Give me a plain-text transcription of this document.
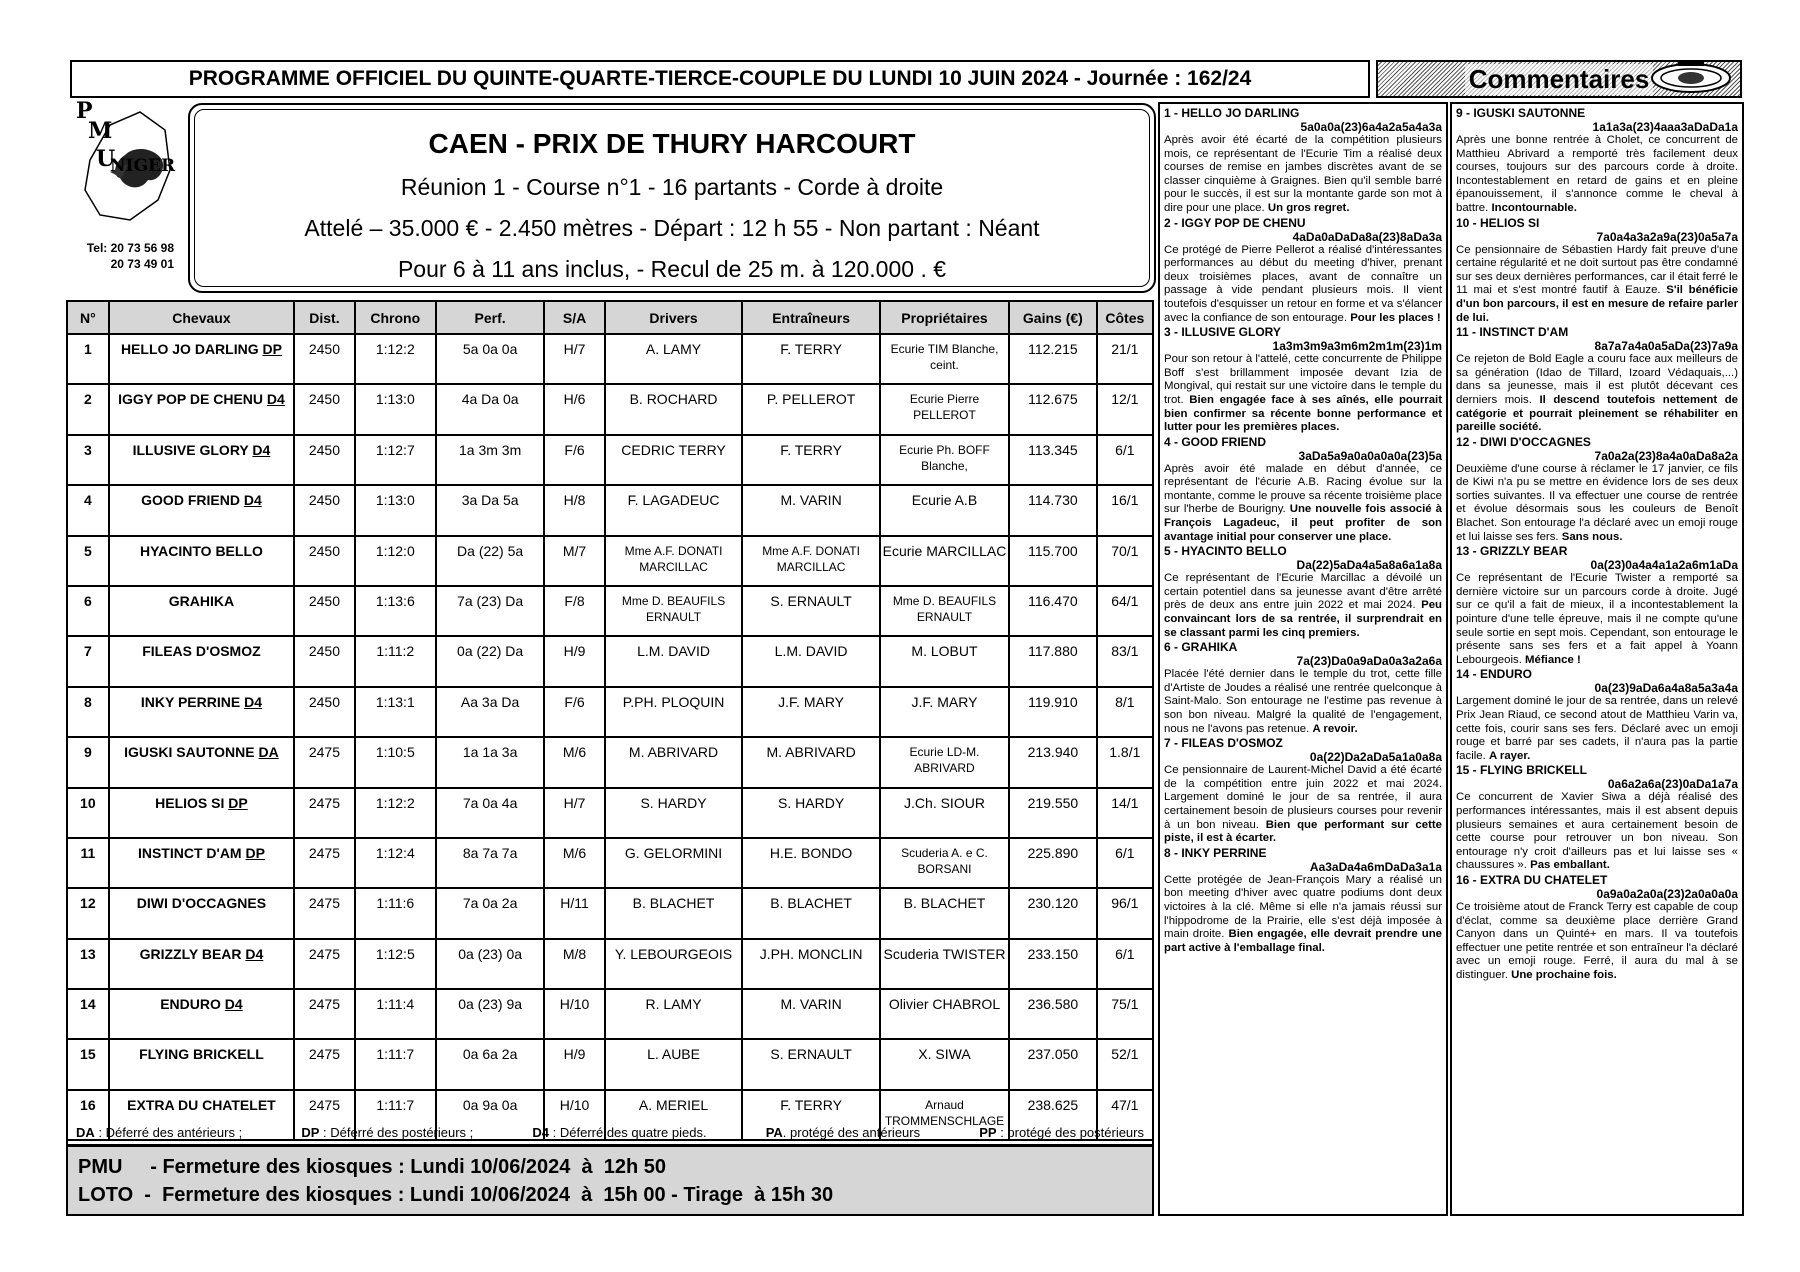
PROGRAMME OFFICIEL DU QUINTE-QUARTE-TIERCE-COUPLE DU LUNDI 10 JUIN 2024 - Journée : 162/24	Commentaires
P
M
U
NIGER
Tel: 20 73 56 98
20 73 49 01
CAEN - PRIX DE THURY HARCOURT
Réunion 1 - Course n°1 - 16 partants - Corde à droite
Attelé – 35.000 € - 2.450 mètres - Départ : 12 h 55 - Non partant : Néant
Pour 6 à 11 ans inclus, - Recul de 25 m. à 120.000 . €
N°	Chevaux	Dist.	Chrono	Perf.	S/A	Drivers	Entraîneurs	Propriétaires	Gains (€)	Côtes
1	HELLO JO DARLING DP	2450	1:12:2	5a 0a 0a	H/7	A. LAMY	F. TERRY	Ecurie TIM Blanche, ceint.	112.215	21/1
2	IGGY POP DE CHENU D4	2450	1:13:0	4a Da 0a	H/6	B. ROCHARD	P. PELLEROT	Ecurie Pierre PELLEROT	112.675	12/1
3	ILLUSIVE GLORY D4	2450	1:12:7	1a 3m 3m	F/6	CEDRIC TERRY	F. TERRY	Ecurie Ph. BOFF Blanche,	113.345	6/1
4	GOOD FRIEND D4	2450	1:13:0	3a Da 5a	H/8	F. LAGADEUC	M. VARIN	Ecurie A.B	114.730	16/1
5	HYACINTO BELLO	2450	1:12:0	Da (22) 5a	M/7	Mme A.F. DONATI MARCILLAC	Mme A.F. DONATI MARCILLAC	Ecurie MARCILLAC	115.700	70/1
6	GRAHIKA	2450	1:13:6	7a (23) Da	F/8	Mme D. BEAUFILS ERNAULT	S. ERNAULT	Mme D. BEAUFILS ERNAULT	116.470	64/1
7	FILEAS D'OSMOZ	2450	1:11:2	0a (22) Da	H/9	L.M. DAVID	L.M. DAVID	M. LOBUT	117.880	83/1
8	INKY PERRINE D4	2450	1:13:1	Aa 3a Da	F/6	P.PH. PLOQUIN	J.F. MARY	J.F. MARY	119.910	8/1
9	IGUSKI SAUTONNE DA	2475	1:10:5	1a 1a 3a	M/6	M. ABRIVARD	M. ABRIVARD	Ecurie LD-M. ABRIVARD	213.940	1.8/1
10	HELIOS SI DP	2475	1:12:2	7a 0a 4a	H/7	S. HARDY	S. HARDY	J.Ch. SIOUR	219.550	14/1
11	INSTINCT D'AM DP	2475	1:12:4	8a 7a 7a	M/6	G. GELORMINI	H.E. BONDO	Scuderia A. e C. BORSANI	225.890	6/1
12	DIWI D'OCCAGNES	2475	1:11:6	7a 0a 2a	H/11	B. BLACHET	B. BLACHET	B. BLACHET	230.120	96/1
13	GRIZZLY BEAR D4	2475	1:12:5	0a (23) 0a	M/8	Y. LEBOURGEOIS	J.PH. MONCLIN	Scuderia TWISTER	233.150	6/1
14	ENDURO D4	2475	1:11:4	0a (23) 9a	H/10	R. LAMY	M. VARIN	Olivier CHABROL	236.580	75/1
15	FLYING BRICKELL	2475	1:11:7	0a 6a 2a	H/9	L. AUBE	S. ERNAULT	X. SIWA	237.050	52/1
16	EXTRA DU CHATELET	2475	1:11:7	0a 9a 0a	H/10	A. MERIEL	F. TERRY	Arnaud TROMMENSCHLAGE	238.625	47/1
DA : Déferré des antérieurs ;	DP : Déferré des postérieurs ;	D4 : Déferré des quatre pieds.	PA. protégé des antérieurs	PP : protégé des postérieurs
PMU     - Fermeture des kiosques : Lundi 10/06/2024  à  12h 50
LOTO  -  Fermeture des kiosques : Lundi 10/06/2024  à  15h 00 - Tirage  à 15h 30
1 - HELLO JO DARLING
5a0a0a(23)6a4a2a5a4a3a
Après avoir été écarté de la compétition plusieurs mois, ce représentant de l'Ecurie Tim a réalisé deux courses de remise en jambes discrètes avant de se classer cinquième à Graignes. Bien qu'il semble barré pour le succès, il est sur la montante garde son mot à dire pour une place. Un gros regret.
2 - IGGY POP DE CHENU
4aDa0aDaDa8a(23)8aDa3a
Ce protégé de Pierre Pellerot a réalisé d'intéressantes performances au début du meeting d'hiver, prenant deux troisièmes places, avant de connaître un passage à vide pendant plusieurs mois. Il vient toutefois d'esquisser un retour en forme et va s'élancer avec la confiance de son entourage. Pour les places !
3 - ILLUSIVE GLORY
1a3m3m9a3m6m2m1m(23)1m
Pour son retour à l'attelé, cette concurrente de Philippe Boff s'est brillamment imposée devant Izia de Mongival, qui restait sur une victoire dans le temple du trot. Bien engagée face à ses aînés, elle pourrait bien confirmer sa récente bonne performance et lutter pour les premières places.
4 - GOOD FRIEND
3aDa5a9a0a0a0a0a(23)5a
Après avoir été malade en début d'année, ce représentant de l'écurie A.B. Racing évolue sur la montante, comme le prouve sa récente troisième place sur l'herbe de Bourigny. Une nouvelle fois associé à François Lagadeuc, il peut profiter de son avantage initial pour conserver une place.
5 - HYACINTO BELLO
Da(22)5aDa4a5a8a6a1a8a
Ce représentant de l'Ecurie Marcillac a dévoilé un certain potentiel dans sa jeunesse avant d'être arrêté près de deux ans entre juin 2022 et mai 2024. Peu convaincant lors de sa rentrée, il surprendrait en se classant parmi les cinq premiers.
6 - GRAHIKA
7a(23)Da0a9aDa0a3a2a6a
Placée l'été dernier dans le temple du trot, cette fille d'Artiste de Joudes a réalisé une rentrée quelconque à Saint-Malo. Son entourage ne l'estime pas revenue à son bon niveau. Malgré la qualité de l'engagement, nous ne l'avons pas retenue. A revoir.
7 - FILEAS D'OSMOZ
0a(22)Da2aDa5a1a0a8a
Ce pensionnaire de Laurent-Michel David a été écarté de la compétition entre juin 2022 et mai 2024. Largement dominé le jour de sa rentrée, il aura certainement besoin de plusieurs courses pour revenir à un bon niveau. Bien que performant sur cette piste, il est à écarter.
8 - INKY PERRINE
Aa3aDa4a6mDaDa3a1a
Cette protégée de Jean-François Mary a réalisé un bon meeting d'hiver avec quatre podiums dont deux victoires à la clé. Même si elle n'a jamais réussi sur l'hippodrome de la Prairie, elle s'est déjà imposée à main droite. Bien engagée, elle devrait prendre une part active à l'emballage final.
9 - IGUSKI SAUTONNE
1a1a3a(23)4aaa3aDaDa1a
Après une bonne rentrée à Cholet, ce concurrent de Matthieu Abrivard a remporté très facilement deux courses, toujours sur des parcours corde à droite. Incontestablement en retard de gains et en pleine épanouissement, il s'annonce comme le cheval à battre. Incontournable.
10 - HELIOS SI
7a0a4a3a2a9a(23)0a5a7a
Ce pensionnaire de Sébastien Hardy fait preuve d'une certaine régularité et ne doit surtout pas être condamné sur ses deux dernières performances, car il était ferré le 11 mai et s'est montré fautif à Eauze. S'il bénéficie d'un bon parcours, il est en mesure de refaire parler de lui.
11 - INSTINCT D'AM
8a7a7a4a0a5aDa(23)7a9a
Ce rejeton de Bold Eagle a couru face aux meilleurs de sa génération (Idao de Tillard, Izoard Védaquais,...) dans sa jeunesse, mais il est plutôt décevant ces derniers mois. Il descend toutefois nettement de catégorie et pourrait pleinement se réhabiliter en pareille société.
12 - DIWI D'OCCAGNES
7a0a2a(23)8a4a0aDa8a2a
Deuxième d'une course à réclamer le 17 janvier, ce fils de Kiwi n'a pu se mettre en évidence lors de ses deux sorties suivantes. Il va effectuer une course de rentrée et évolue désormais sous les couleurs de Benoît Blachet. Son entourage l'a déclaré avec un emoji rouge et lui laisse ses fers. Sans nous.
13 - GRIZZLY BEAR
0a(23)0a4a4a1a2a6m1aDa
Ce représentant de l'Ecurie Twister a remporté sa dernière victoire sur un parcours corde à droite. Jugé sur ce qu'il a fait de mieux, il a incontestablement la pointure d'une telle épreuve, mais il ne compte qu'une seule sortie en sept mois. Cependant, son entourage le présente sans ses fers et a fait appel à Yoann Lebourgeois. Méfiance !
14 - ENDURO
0a(23)9aDa6a4a8a5a3a4a
Largement dominé le jour de sa rentrée, dans un relevé Prix Jean Riaud, ce second atout de Matthieu Varin va, cette fois, courir sans ses fers. Déclaré avec un emoji rouge et barré par ses cadets, il n'aura pas la partie facile. A rayer.
15 - FLYING BRICKELL
0a6a2a6a(23)0aDa1a7a
Ce concurrent de Xavier Siwa a déjà réalisé des performances intéressantes, mais il est absent depuis plusieurs semaines et aura certainement besoin de cette course pour retrouver un bon niveau. Son entourage n'y croit d'ailleurs pas et lui laisse ses « chaussures ». Pas emballant.
16 - EXTRA DU CHATELET
0a9a0a2a0a(23)2a0a0a0a
Ce troisième atout de Franck Terry est capable de coup d'éclat, comme sa deuxième place derrière Grand Canyon dans un Quinté+ en mars. Il va toutefois effectuer une petite rentrée et son entraîneur l'a déclaré avec un emoji rouge. Ferré, il aura du mal à se distinguer. Une prochaine fois.
